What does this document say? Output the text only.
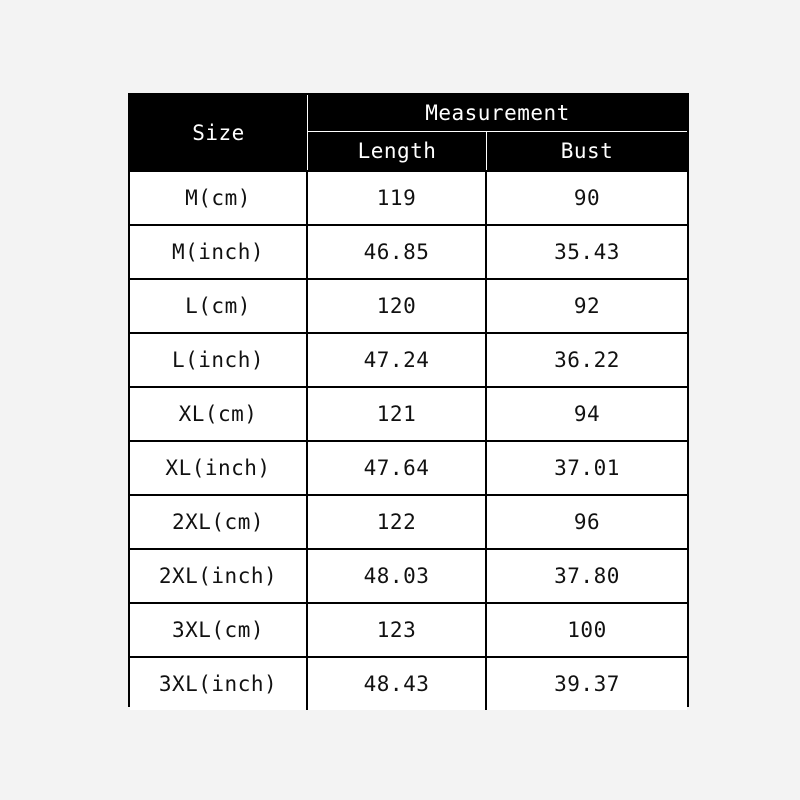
Size	Measurement	
	Length	Bust
M(cm)	119	90
M(inch)	46.85	35.43
L(cm)	120	92
L(inch)	47.24	36.22
XL(cm)	121	94
XL(inch)	47.64	37.01
2XL(cm)	122	96
2XL(inch)	48.03	37.80
3XL(cm)	123	100
3XL(inch)	48.43	39.37
